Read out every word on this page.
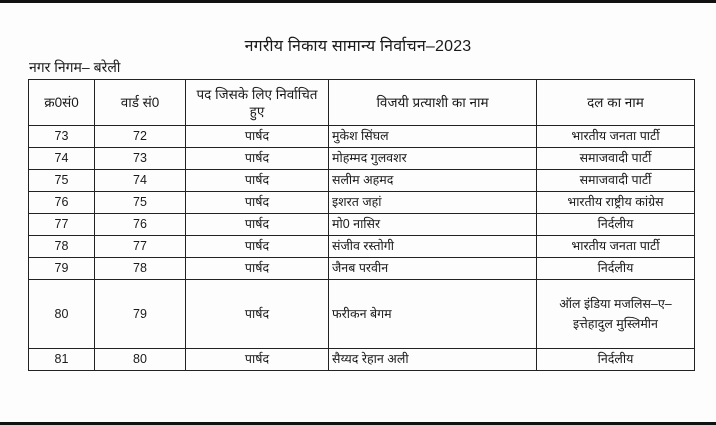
नगरीय निकाय सामान्य निर्वाचन–2023
नगर निगम– बरेली
क्र0सं0	वार्ड सं0	पद जिसके लिए निर्वाचित हुए	विजयी प्रत्याशी का नाम	दल का नाम
73	72	पार्षद	मुकेश सिंघल	भारतीय जनता पार्टी
74	73	पार्षद	मोहम्मद गुलवशर	समाजवादी पार्टी
75	74	पार्षद	सलीम अहमद	समाजवादी पार्टी
76	75	पार्षद	इशरत जहां	भारतीय राष्ट्रीय कांग्रेस
77	76	पार्षद	मो0 नासिर	निर्दलीय
78	77	पार्षद	संजीव रस्तोगी	भारतीय जनता पार्टी
79	78	पार्षद	जैनब परवीन	निर्दलीय
80	79	पार्षद	फरीकन बेगम	ऑल इंडिया मजलिस–ए–इत्तेहादुल मुस्लिमीन
81	80	पार्षद	सैय्यद रेहान अली	निर्दलीय
